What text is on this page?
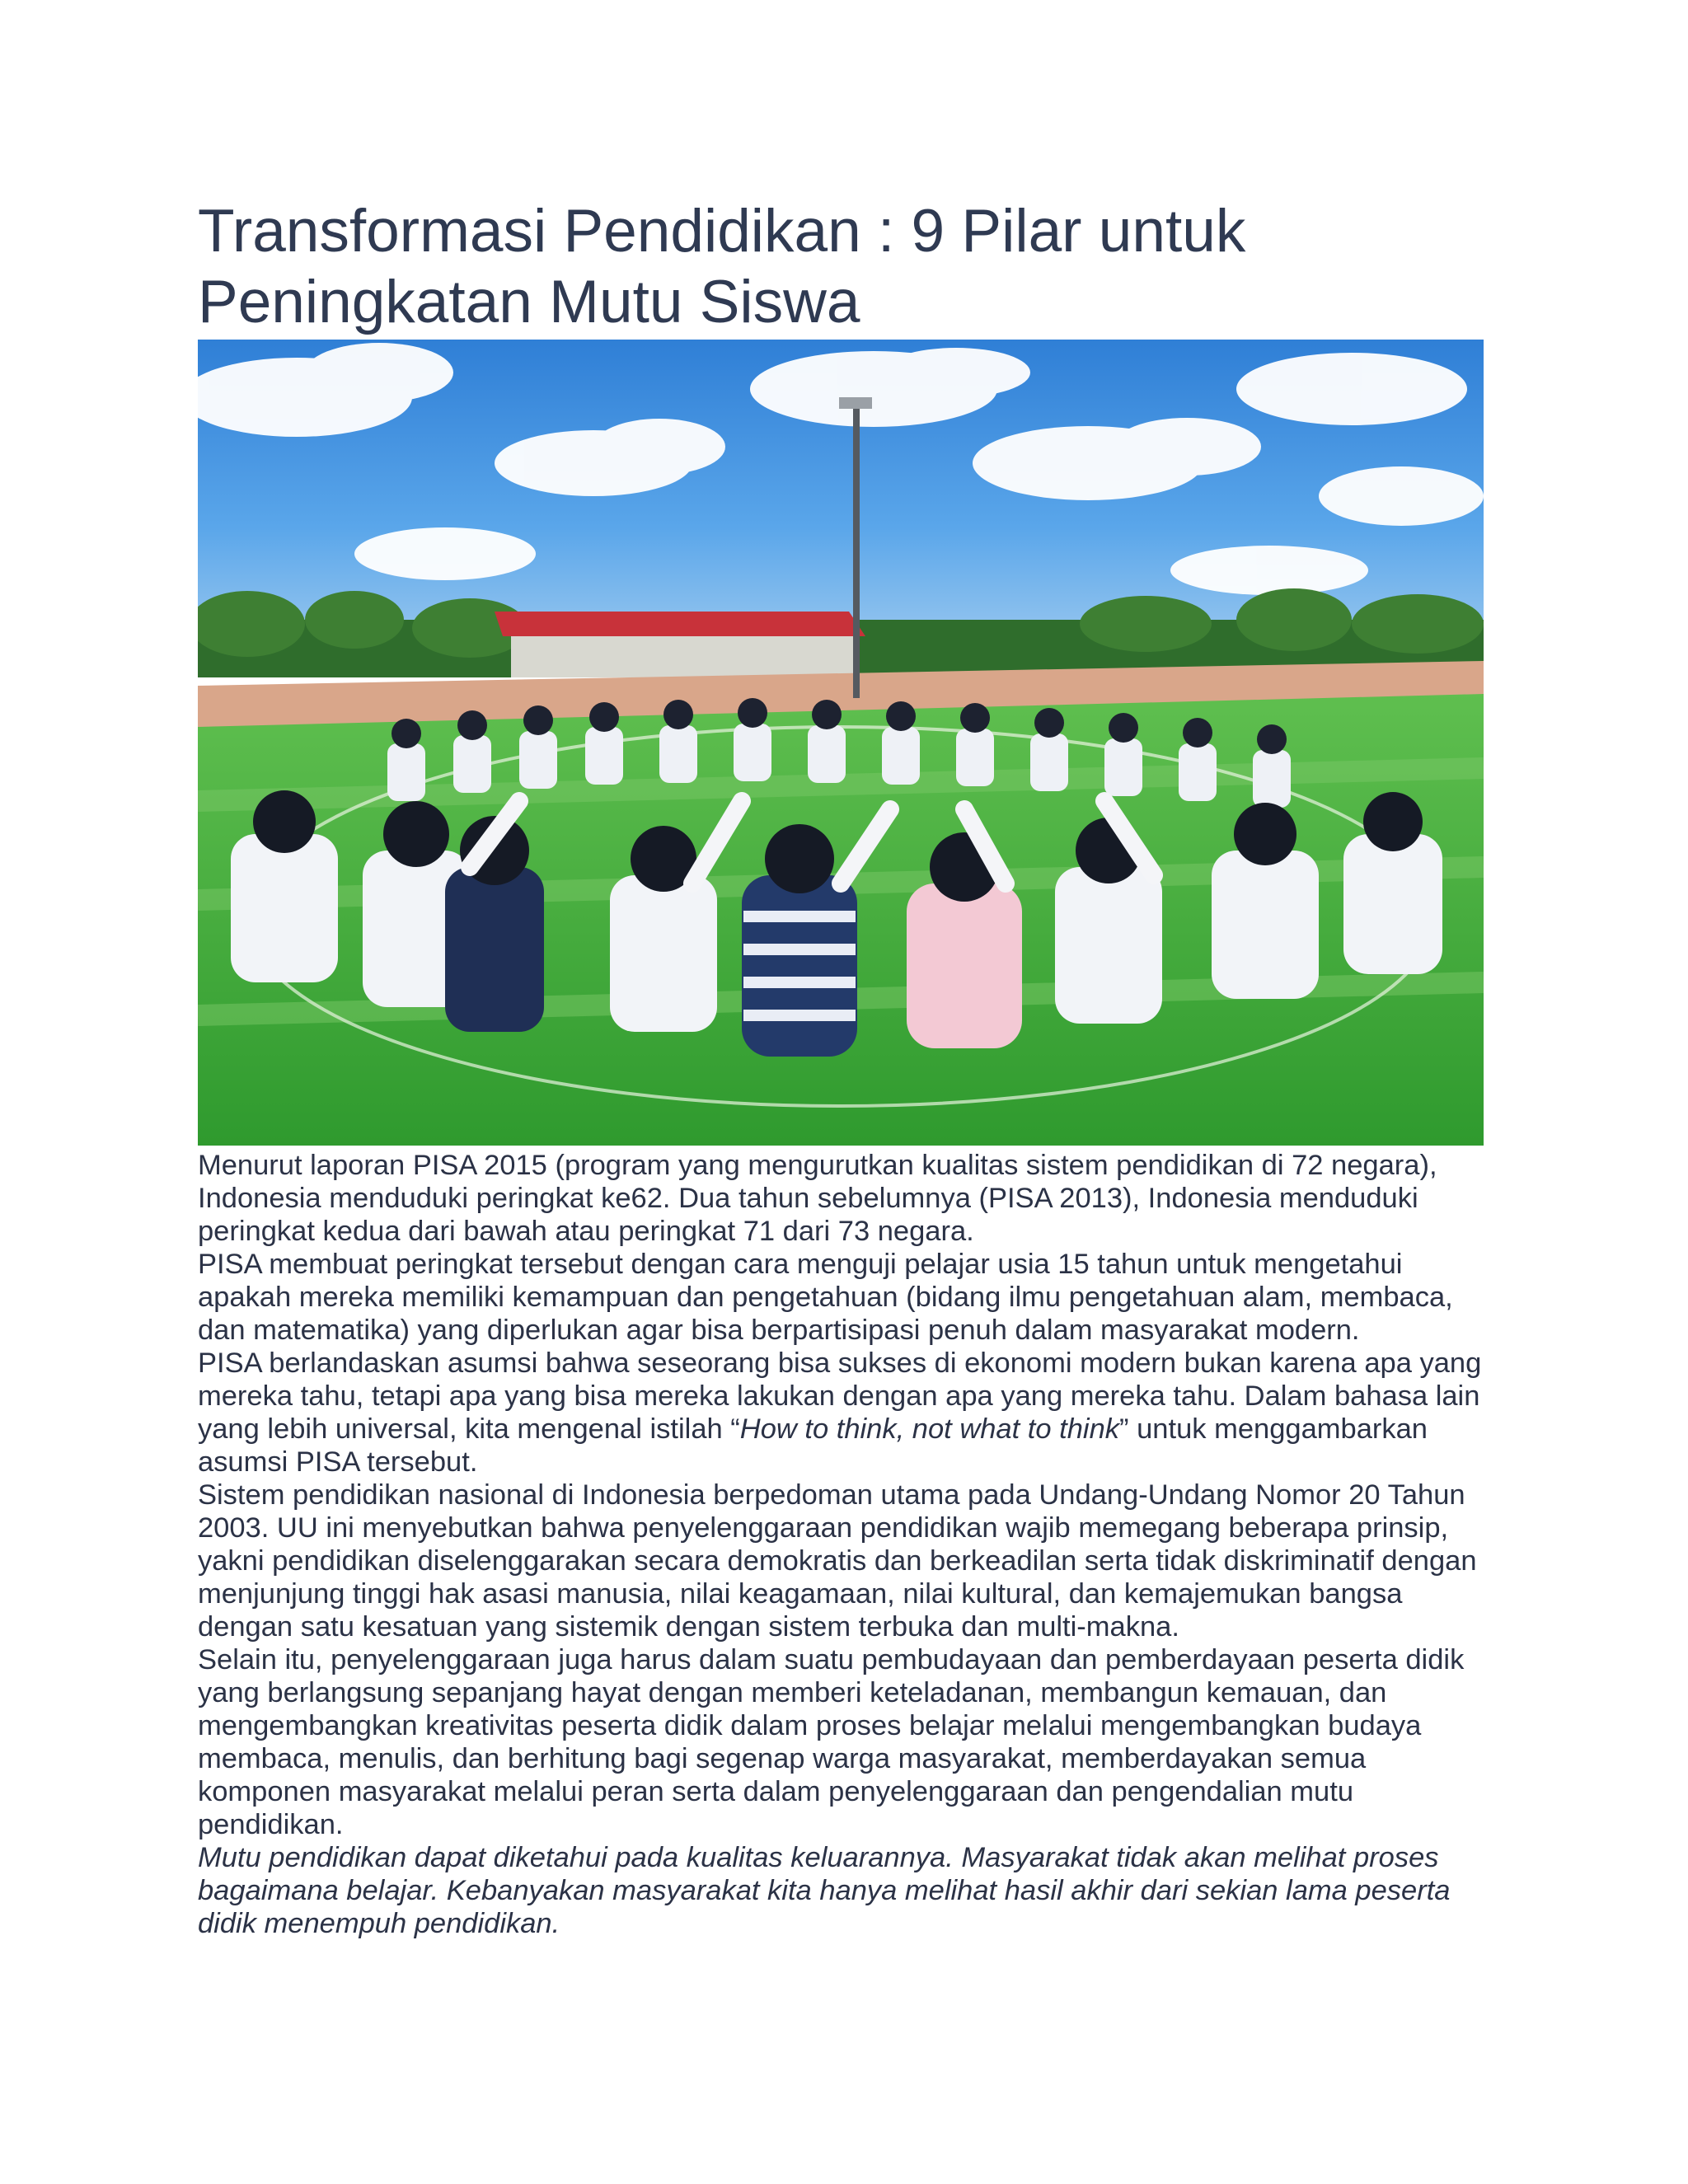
Transformasi Pendidikan : 9 Pilar untuk
Peningkatan Mutu Siswa

Menurut laporan PISA 2015 (program yang mengurutkan kualitas sistem pendidikan di 72 negara), Indonesia menduduki peringkat ke62. Dua tahun sebelumnya (PISA 2013), Indonesia menduduki peringkat kedua dari bawah atau peringkat 71 dari 73 negara.

PISA membuat peringkat tersebut dengan cara menguji pelajar usia 15 tahun untuk mengetahui apakah mereka memiliki kemampuan dan pengetahuan (bidang ilmu pengetahuan alam, membaca, dan matematika) yang diperlukan agar bisa berpartisipasi penuh dalam masyarakat modern.

PISA berlandaskan asumsi bahwa seseorang bisa sukses di ekonomi modern bukan karena apa yang mereka tahu, tetapi apa yang bisa mereka lakukan dengan apa yang mereka tahu. Dalam bahasa lain yang lebih universal, kita mengenal istilah “How to think, not what to think” untuk menggambarkan asumsi PISA tersebut.

Sistem pendidikan nasional di Indonesia berpedoman utama pada Undang-Undang Nomor 20 Tahun 2003. UU ini menyebutkan bahwa penyelenggaraan pendidikan wajib memegang beberapa prinsip, yakni pendidikan diselenggarakan secara demokratis dan berkeadilan serta tidak diskriminatif dengan menjunjung tinggi hak asasi manusia, nilai keagamaan, nilai kultural, dan kemajemukan bangsa dengan satu kesatuan yang sistemik dengan sistem terbuka dan multi-makna.

Selain itu, penyelenggaraan juga harus dalam suatu pembudayaan dan pemberdayaan peserta didik yang berlangsung sepanjang hayat dengan memberi keteladanan, membangun kemauan, dan mengembangkan kreativitas peserta didik dalam proses belajar melalui mengembangkan budaya membaca, menulis, dan berhitung bagi segenap warga masyarakat, memberdayakan semua komponen masyarakat melalui peran serta dalam penyelenggaraan dan pengendalian mutu pendidikan.

Mutu pendidikan dapat diketahui pada kualitas keluarannya. Masyarakat tidak akan melihat proses bagaimana belajar. Kebanyakan masyarakat kita hanya melihat hasil akhir dari sekian lama peserta didik menempuh pendidikan.
